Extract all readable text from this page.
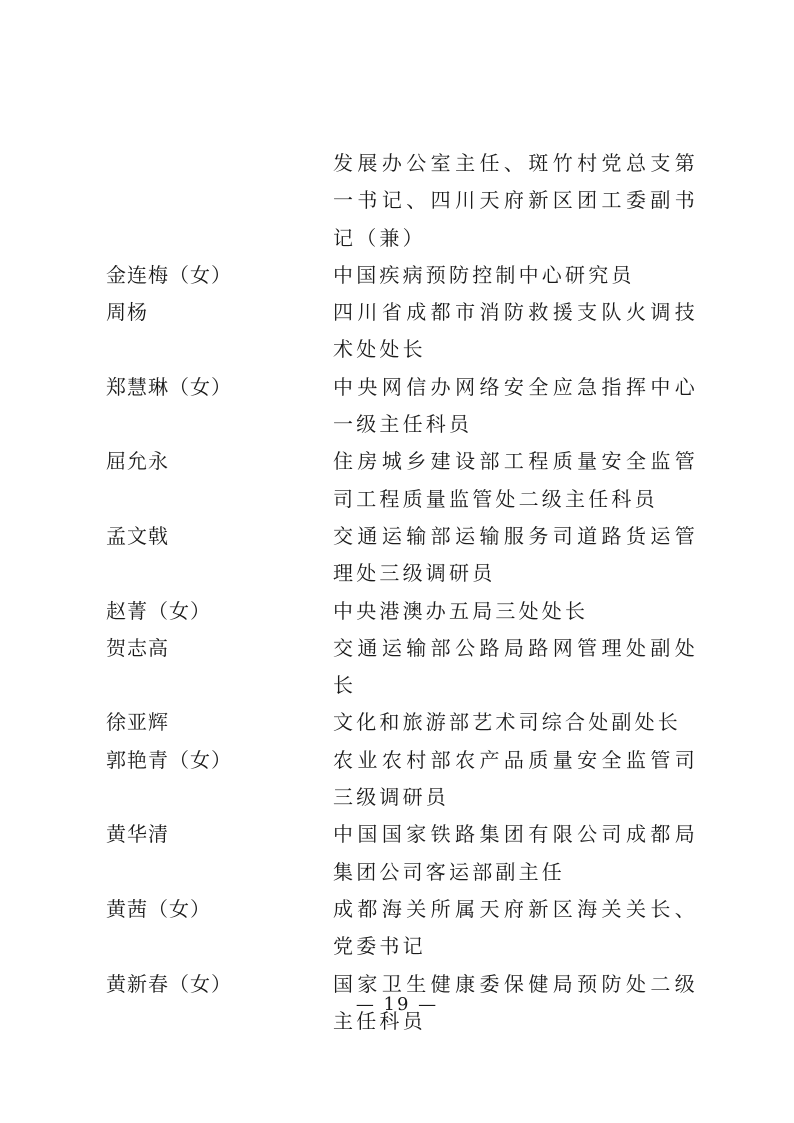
发展办公室主任、斑竹村党总支第一书记、四川天府新区团工委副书记（兼）
金连梅（女）	中国疾病预防控制中心研究员
周杨	四川省成都市消防救援支队火调技术处处长
郑慧琳（女）	中央网信办网络安全应急指挥中心一级主任科员
屈允永	住房城乡建设部工程质量安全监管司工程质量监管处二级主任科员
孟文戟	交通运输部运输服务司道路货运管理处三级调研员
赵菁（女）	中央港澳办五局三处处长
贺志高	交通运输部公路局路网管理处副处长
徐亚辉	文化和旅游部艺术司综合处副处长
郭艳青（女）	农业农村部农产品质量安全监管司三级调研员
黄华清	中国国家铁路集团有限公司成都局集团公司客运部副主任
黄茜（女）	成都海关所属天府新区海关关长、党委书记
黄新春（女）	国家卫生健康委保健局预防处二级主任科员
— 19 —
